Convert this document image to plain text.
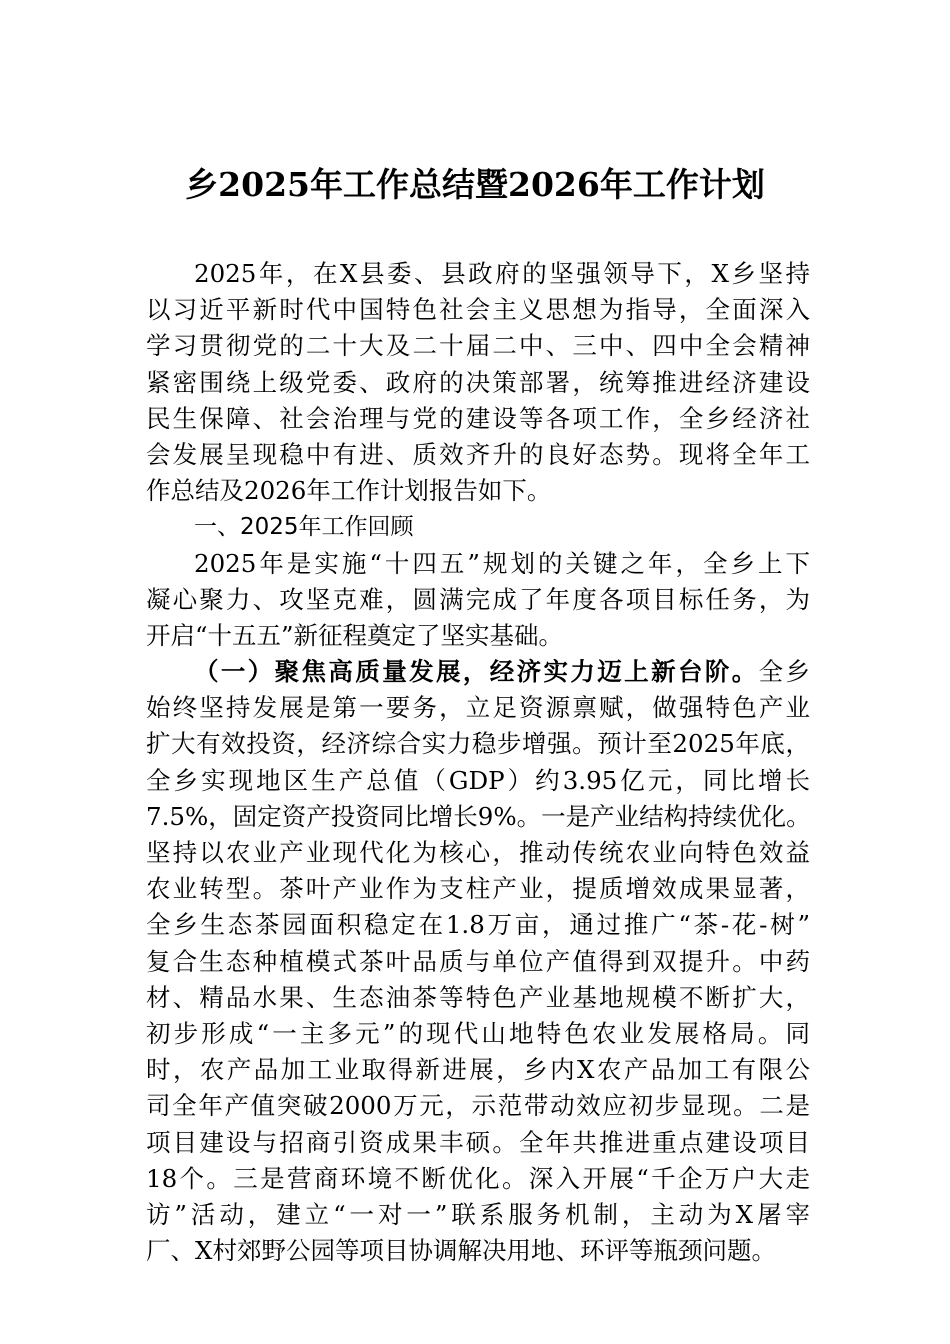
乡2025年工作总结暨2026年工作计划
2025年，在X县委、县政府的坚强领导下，X乡坚持
以习近平新时代中国特色社会主义思想为指导，全面深入
学习贯彻党的二十大及二十届二中、三中、四中全会精神
紧密围绕上级党委、政府的决策部署，统筹推进经济建设
民生保障、社会治理与党的建设等各项工作，全乡经济社
会发展呈现稳中有进、质效齐升的良好态势。现将全年工
作总结及2026年工作计划报告如下。
一、2025年工作回顾
2025年是实施“十四五”规划的关键之年，全乡上下
凝心聚力、攻坚克难，圆满完成了年度各项目标任务，为
开启“十五五”新征程奠定了坚实基础。
（一）聚焦高质量发展，经济实力迈上新台阶。全乡
始终坚持发展是第一要务，立足资源禀赋，做强特色产业
扩大有效投资，经济综合实力稳步增强。预计至2025年底，
全乡实现地区生产总值（GDP）约3.95亿元，同比增长
7.5%，固定资产投资同比增长9%。一是产业结构持续优化。
坚持以农业产业现代化为核心，推动传统农业向特色效益
农业转型。茶叶产业作为支柱产业，提质增效成果显著，
全乡生态茶园面积稳定在1.8万亩，通过推广“茶-花-树”
复合生态种植模式茶叶品质与单位产值得到双提升。中药
材、精品水果、生态油茶等特色产业基地规模不断扩大，
初步形成“一主多元”的现代山地特色农业发展格局。同
时，农产品加工业取得新进展，乡内X农产品加工有限公
司全年产值突破2000万元，示范带动效应初步显现。二是
项目建设与招商引资成果丰硕。全年共推进重点建设项目
18个。三是营商环境不断优化。深入开展“千企万户大走
访”活动，建立“一对一”联系服务机制，主动为X屠宰
厂、X村郊野公园等项目协调解决用地、环评等瓶颈问题。
